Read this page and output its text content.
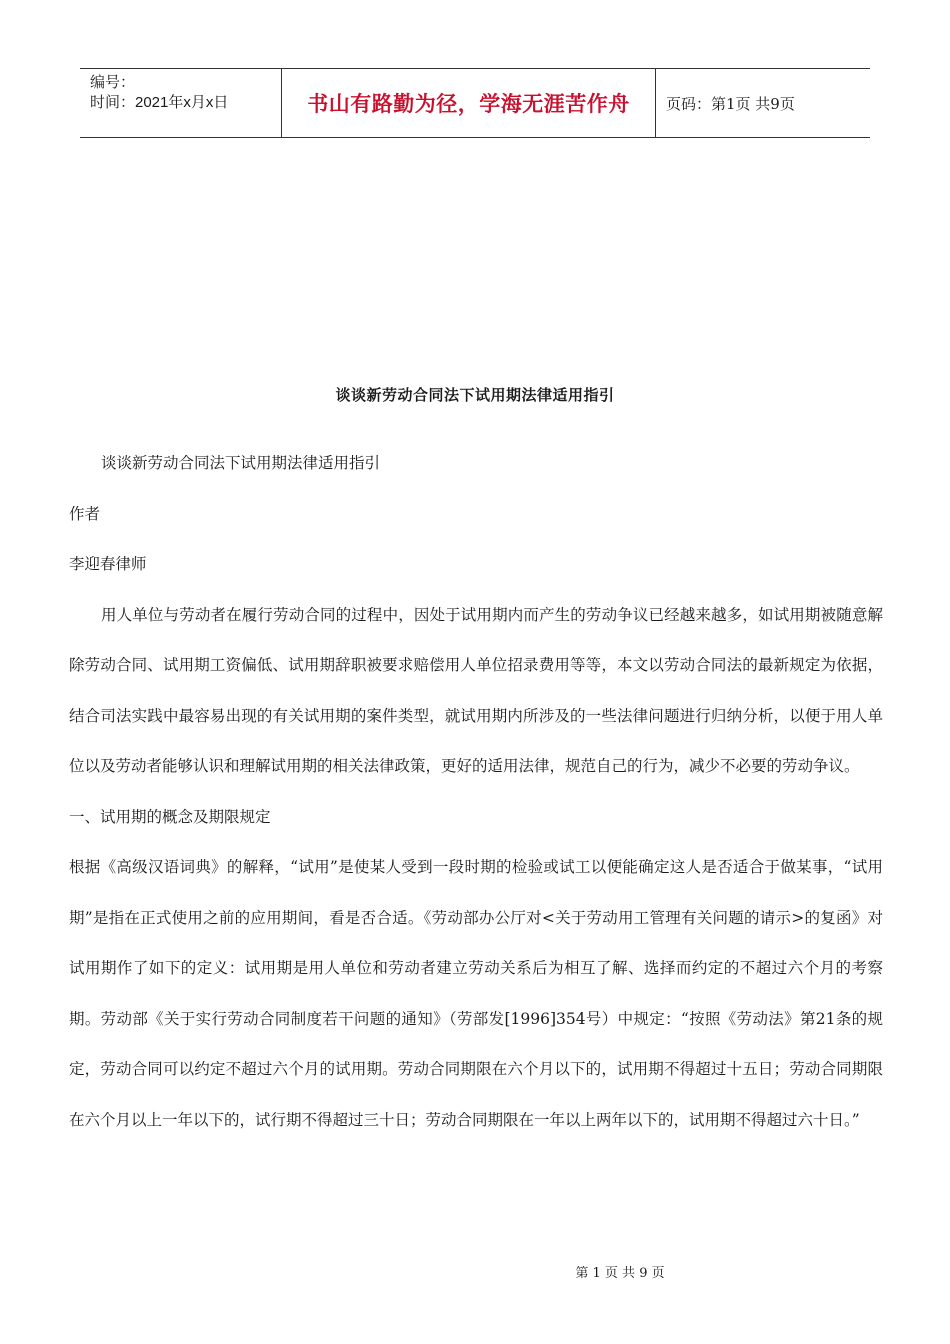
编号：
时间：2021年x月x日	书山有路勤为径，学海无涯苦作舟	页码：第1页 共9页
谈谈新劳动合同法下试用期法律适用指引
谈谈新劳动合同法下试用期法律适用指引
作者
李迎春律师

用人单位与劳动者在履行劳动合同的过程中，因处于试用期内而产生的劳动争议已经越来越多，如试用期被随意解除劳动合同、试用期工资偏低、试用期辞职被要求赔偿用人单位招录费用等等，本文以劳动合同法的最新规定为依据，结合司法实践中最容易出现的有关试用期的案件类型，就试用期内所涉及的一些法律问题进行归纳分析，以便于用人单位以及劳动者能够认识和理解试用期的相关法律政策，更好的适用法律，规范自己的行为，减少不必要的劳动争议。

一、试用期的概念及期限规定

根据《高级汉语词典》的解释，“试用”是使某人受到一段时期的检验或试工以便能确定这人是否适合于做某事，“试用期”是指在正式使用之前的应用期间，看是否合适。《劳动部办公厅对<关于劳动用工管理有关问题的请示>的复函》对试用期作了如下的定义：试用期是用人单位和劳动者建立劳动关系后为相互了解、选择而约定的不超过六个月的考察期。劳动部《关于实行劳动合同制度若干问题的通知》（劳部发[1996]354号）中规定：“按照《劳动法》第21条的规定，劳动合同可以约定不超过六个月的试用期。劳动合同期限在六个月以下的，试用期不得超过十五日；劳动合同期限在六个月以上一年以下的，试行期不得超过三十日；劳动合同期限在一年以上两年以下的，试用期不得超过六十日。”

第 1 页 共 9 页
